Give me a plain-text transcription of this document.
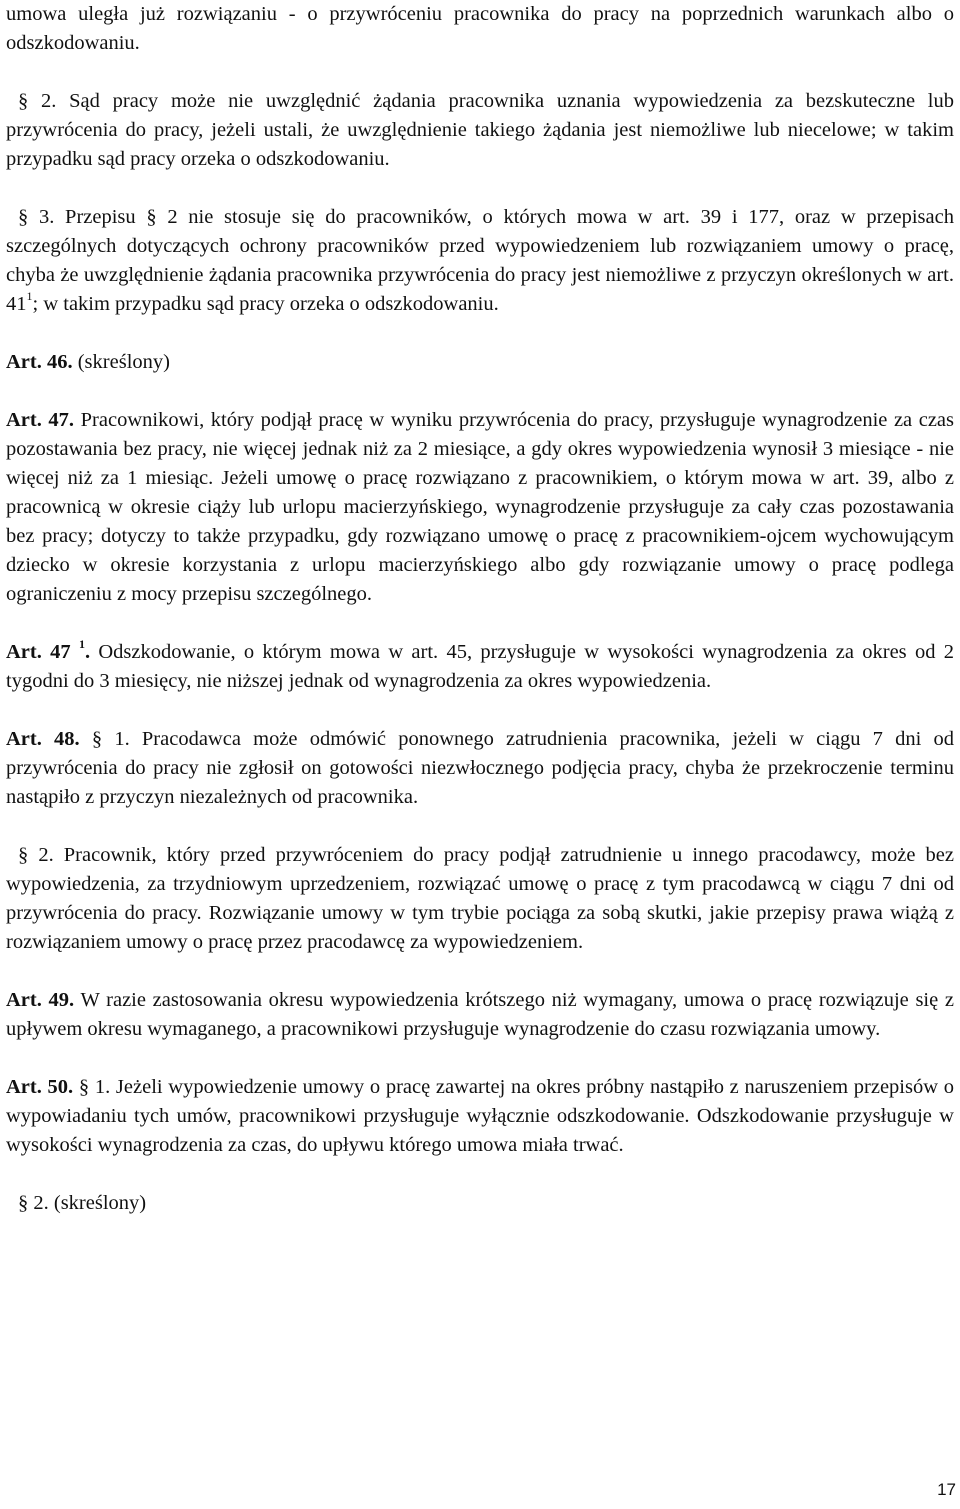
umowa uległa już rozwiązaniu - o przywróceniu pracownika do pracy na poprzednich warunkach albo o odszkodowaniu.

§ 2. Sąd pracy może nie uwzględnić żądania pracownika uznania wypowiedzenia za bezskuteczne lub przywrócenia do pracy, jeżeli ustali, że uwzględnienie takiego żądania jest niemożliwe lub niecelowe; w takim przypadku sąd pracy orzeka o odszkodowaniu.

§ 3. Przepisu § 2 nie stosuje się do pracowników, o których mowa w art. 39 i 177, oraz w przepisach szczególnych dotyczących ochrony pracowników przed wypowiedzeniem lub rozwiązaniem umowy o pracę, chyba że uwzględnienie żądania pracownika przywrócenia do pracy jest niemożliwe z przyczyn określonych w art. $41^1$; w takim przypadku sąd pracy orzeka o odszkodowaniu.

Art. 46. (skreślony)

Art. 47. Pracownikowi, który podjął pracę w wyniku przywrócenia do pracy, przysługuje wynagrodzenie za czas pozostawania bez pracy, nie więcej jednak niż za 2 miesiące, a gdy okres wypowiedzenia wynosił 3 miesiące - nie więcej niż za 1 miesiąc. Jeżeli umowę o pracę rozwiązano z pracownikiem, o którym mowa w art. 39, albo z pracownicą w okresie ciąży lub urlopu macierzyńskiego, wynagrodzenie przysługuje za cały czas pozostawania bez pracy; dotyczy to także przypadku, gdy rozwiązano umowę o pracę z pracownikiem-ojcem wychowującym dziecko w okresie korzystania z urlopu macierzyńskiego albo gdy rozwiązanie umowy o pracę podlega ograniczeniu z mocy przepisu szczególnego.

Art. 47 $^1$. Odszkodowanie, o którym mowa w art. 45, przysługuje w wysokości wynagrodzenia za okres od 2 tygodni do 3 miesięcy, nie niższej jednak od wynagrodzenia za okres wypowiedzenia.

Art. 48. § 1. Pracodawca może odmówić ponownego zatrudnienia pracownika, jeżeli w ciągu 7 dni od przywrócenia do pracy nie zgłosił on gotowości niezwłocznego podjęcia pracy, chyba że przekroczenie terminu nastąpiło z przyczyn niezależnych od pracownika.

§ 2. Pracownik, który przed przywróceniem do pracy podjął zatrudnienie u innego pracodawcy, może bez wypowiedzenia, za trzydniowym uprzedzeniem, rozwiązać umowę o pracę z tym pracodawcą w ciągu 7 dni od przywrócenia do pracy. Rozwiązanie umowy w tym trybie pociąga za sobą skutki, jakie przepisy prawa wiążą z rozwiązaniem umowy o pracę przez pracodawcę za wypowiedzeniem.

Art. 49. W razie zastosowania okresu wypowiedzenia krótszego niż wymagany, umowa o pracę rozwiązuje się z upływem okresu wymaganego, a pracownikowi przysługuje wynagrodzenie do czasu rozwiązania umowy.

Art. 50. § 1. Jeżeli wypowiedzenie umowy o pracę zawartej na okres próbny nastąpiło z naruszeniem przepisów o wypowiadaniu tych umów, pracownikowi przysługuje wyłącznie odszkodowanie. Odszkodowanie przysługuje w wysokości wynagrodzenia za czas, do upływu którego umowa miała trwać.

§ 2. (skreślony)

17
